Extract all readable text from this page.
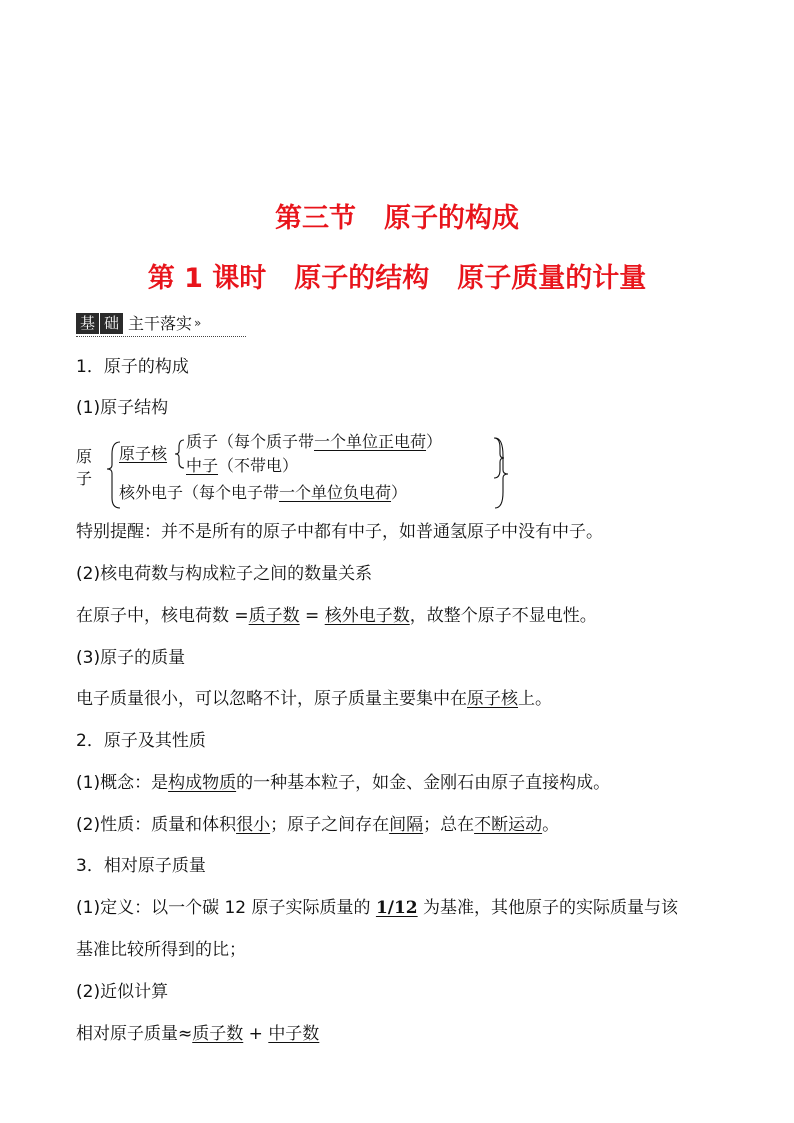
第三节 原子的构成
第 1 课时 原子的结构 原子质量的计量
基 础 主干落实 »
1．原子的构成
(1)原子结构
原
子
原子核
质子（每个质子带一个单位正电荷）
中子（不带电）
核外电子（每个电子带一个单位负电荷）
特别提醒：并不是所有的原子中都有中子，如普通氢原子中没有中子。
(2)核电荷数与构成粒子之间的数量关系
在原子中，核电荷数 =质子数 = 核外电子数，故整个原子不显电性。
(3)原子的质量
电子质量很小，可以忽略不计，原子质量主要集中在原子核上。
2．原子及其性质
(1)概念：是构成物质的一种基本粒子，如金、金刚石由原子直接构成。
(2)性质：质量和体积很小；原子之间存在间隔；总在不断运动。
3．相对原子质量
(1)定义：以一个碳 12 原子实际质量的 1/12 为基准，其他原子的实际质量与该
基准比较所得到的比；
(2)近似计算
相对原子质量≈质子数 + 中子数
